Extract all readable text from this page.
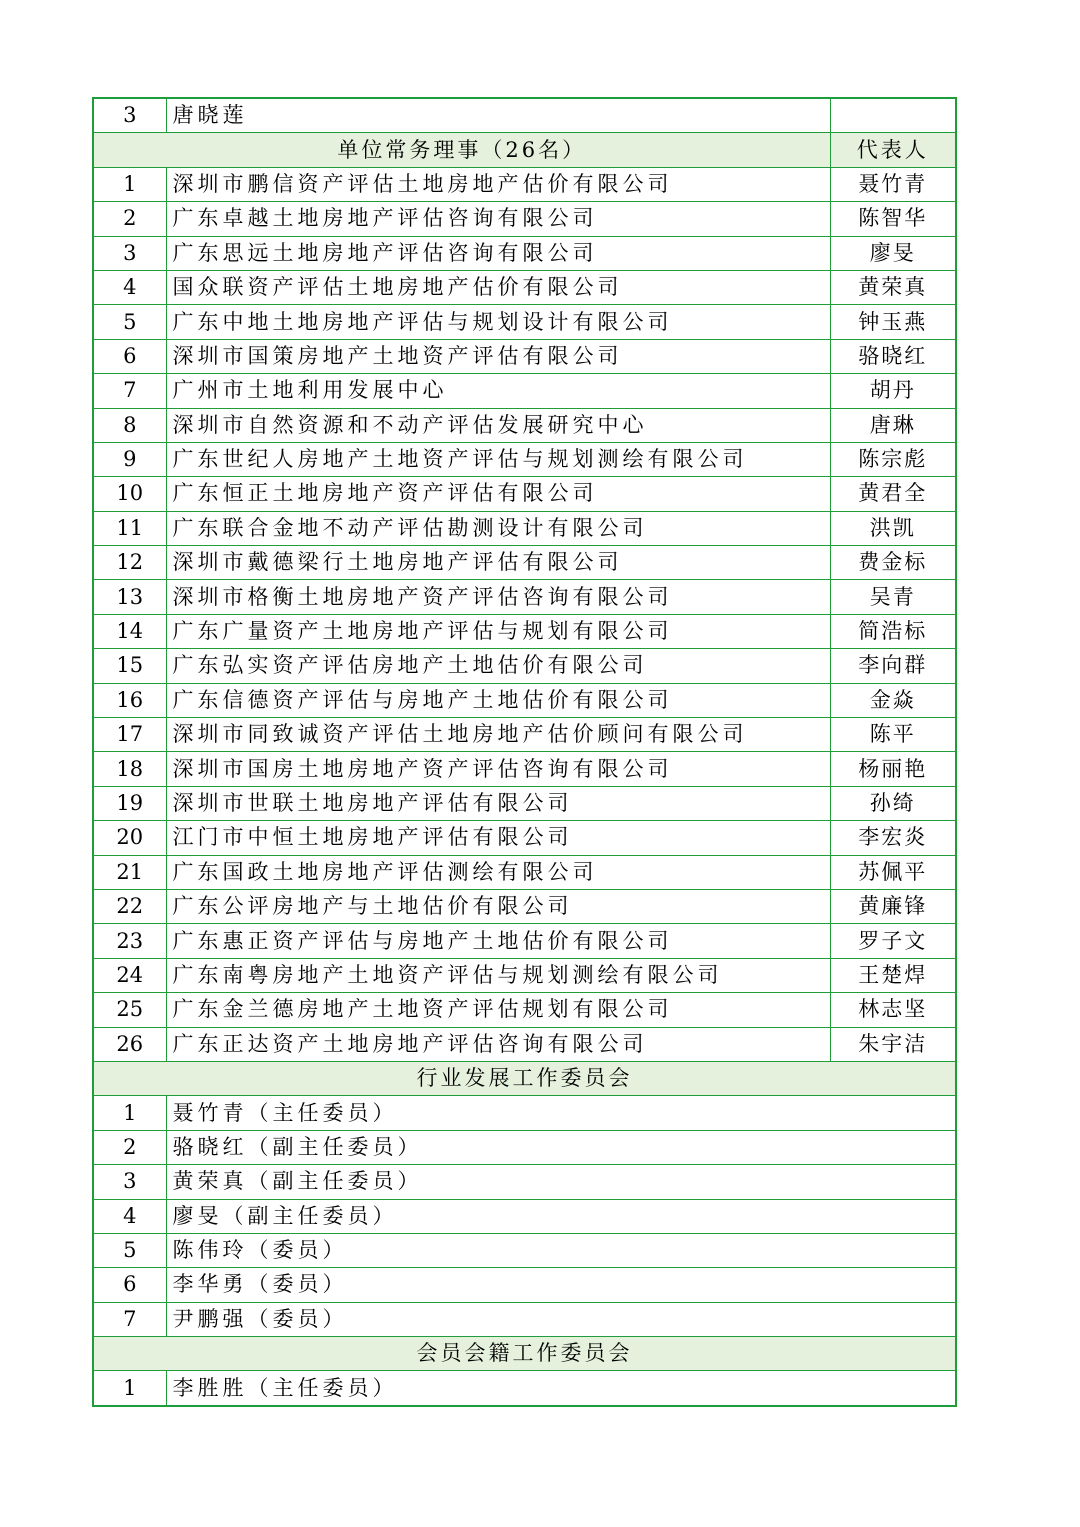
3	唐晓莲	
单位常务理事（26名）		代表人
1	深圳市鹏信资产评估土地房地产估价有限公司	聂竹青
2	广东卓越土地房地产评估咨询有限公司	陈智华
3	广东思远土地房地产评估咨询有限公司	廖旻
4	国众联资产评估土地房地产估价有限公司	黄荣真
5	广东中地土地房地产评估与规划设计有限公司	钟玉燕
6	深圳市国策房地产土地资产评估有限公司	骆晓红
7	广州市土地利用发展中心	胡丹
8	深圳市自然资源和不动产评估发展研究中心	唐琳
9	广东世纪人房地产土地资产评估与规划测绘有限公司	陈宗彪
10	广东恒正土地房地产资产评估有限公司	黄君全
11	广东联合金地不动产评估勘测设计有限公司	洪凯
12	深圳市戴德梁行土地房地产评估有限公司	费金标
13	深圳市格衡土地房地产资产评估咨询有限公司	吴青
14	广东广量资产土地房地产评估与规划有限公司	简浩标
15	广东弘实资产评估房地产土地估价有限公司	李向群
16	广东信德资产评估与房地产土地估价有限公司	金焱
17	深圳市同致诚资产评估土地房地产估价顾问有限公司	陈平
18	深圳市国房土地房地产资产评估咨询有限公司	杨丽艳
19	深圳市世联土地房地产评估有限公司	孙绮
20	江门市中恒土地房地产评估有限公司	李宏炎
21	广东国政土地房地产评估测绘有限公司	苏佩平
22	广东公评房地产与土地估价有限公司	黄廉锋
23	广东惠正资产评估与房地产土地估价有限公司	罗子文
24	广东南粤房地产土地资产评估与规划测绘有限公司	王楚焊
25	广东金兰德房地产土地资产评估规划有限公司	林志坚
26	广东正达资产土地房地产评估咨询有限公司	朱宇洁
行业发展工作委员会		
1	聂竹青（主任委员）	
2	骆晓红（副主任委员）	
3	黄荣真（副主任委员）	
4	廖旻（副主任委员）	
5	陈伟玲（委员）	
6	李华勇（委员）	
7	尹鹏强（委员）	
会员会籍工作委员会		
1	李胜胜（主任委员）	
